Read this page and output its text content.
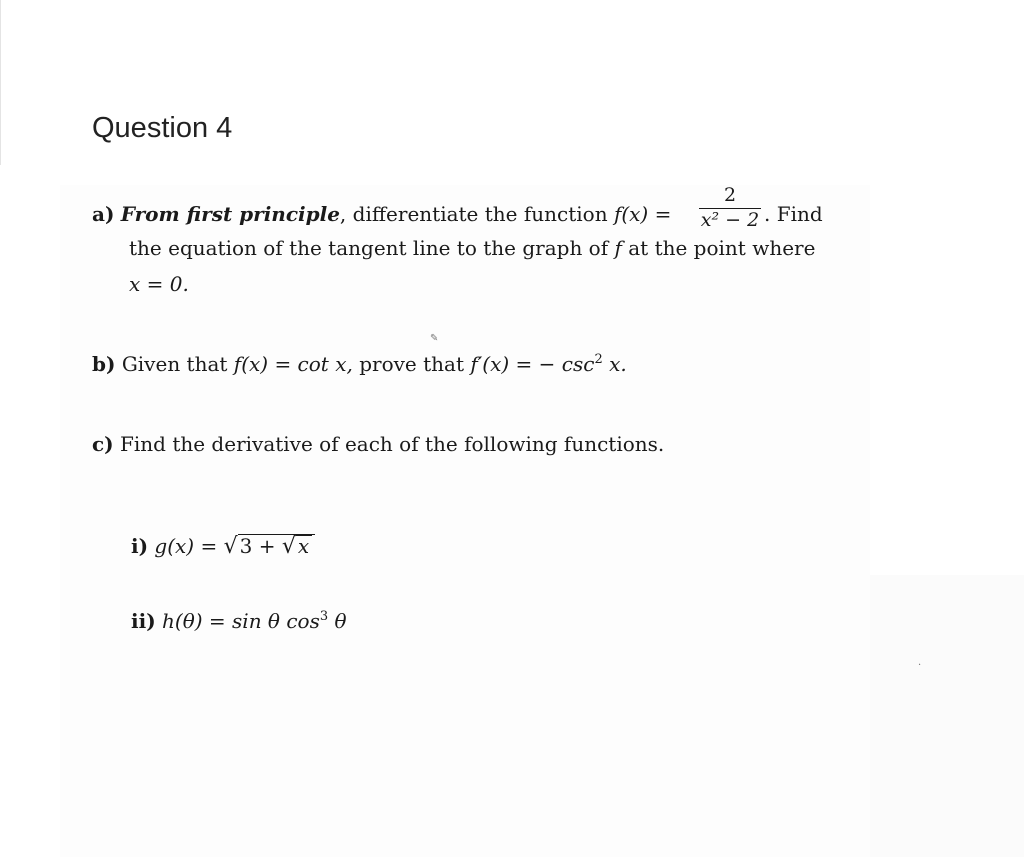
✎
·
Question 4
a) From first principle, differentiate the function f(x) =
2
x² − 2 . Find
the equation of the tangent line to the graph of f at the point where
x = 0.
b) Given that f(x) = cot x, prove that f′(x) = − $\csc^2 x$.
c) Find the derivative of each of the following functions.
i) g(x) = √ 3 + √ x
ii) h(θ) = sin θ $\cos^3 \theta$
